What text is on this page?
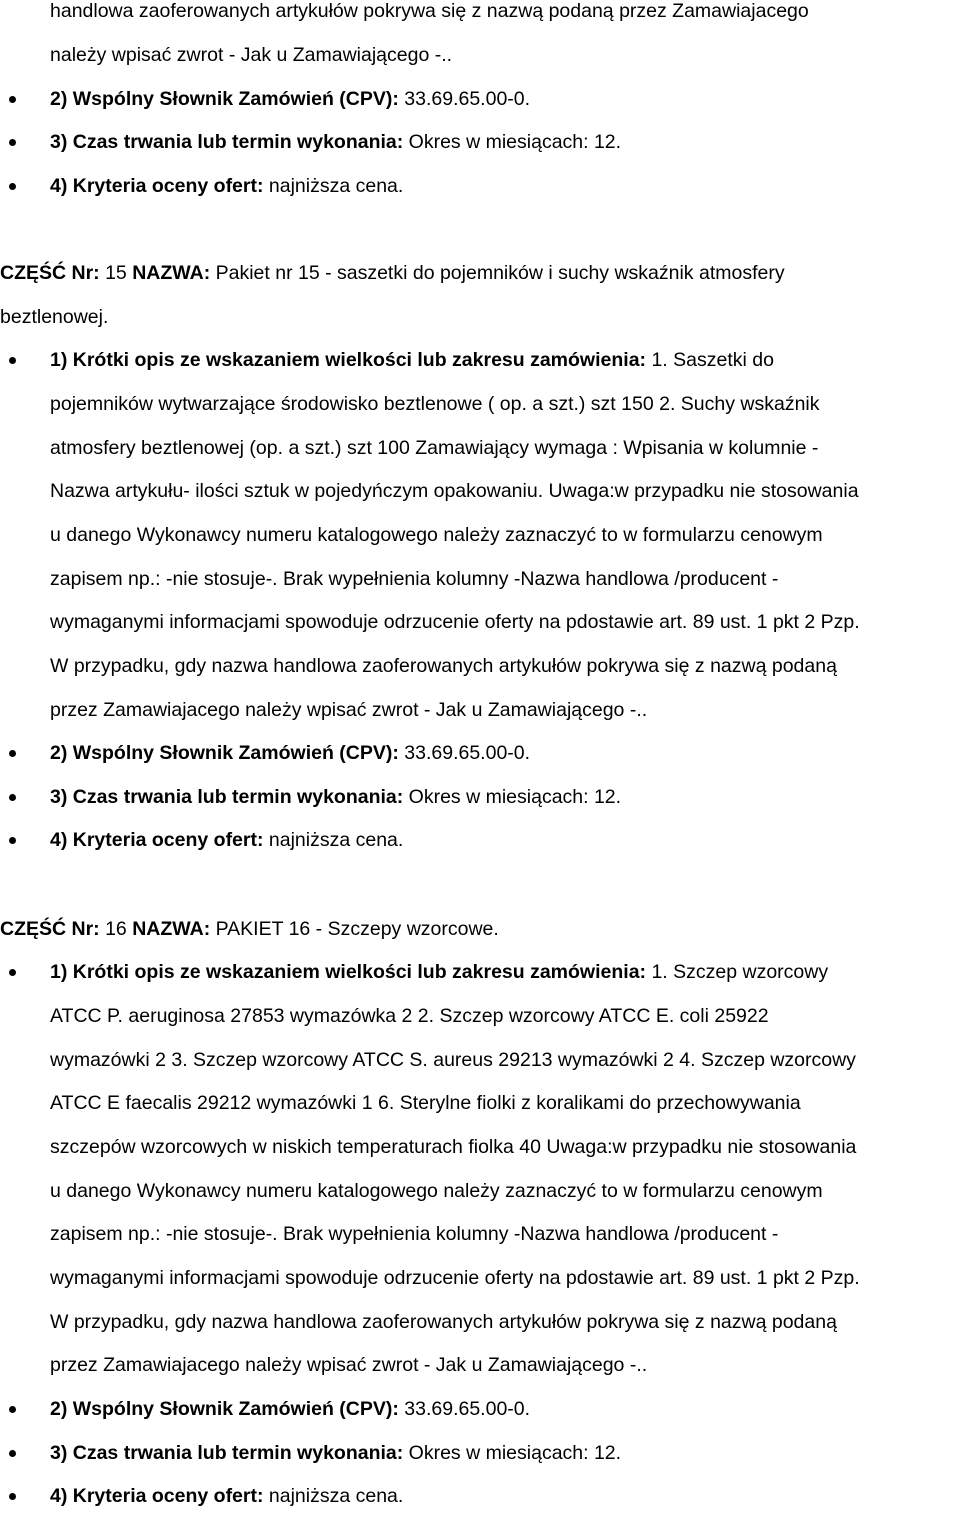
handlowa zaoferowanych artykułów pokrywa się z nazwą podaną przez Zamawiajacego
należy wpisać zwrot - Jak u Zamawiającego -..
2) Wspólny Słownik Zamówień (CPV): 33.69.65.00-0.
3) Czas trwania lub termin wykonania: Okres w miesiącach: 12.
4) Kryteria oceny ofert: najniższa cena.
CZĘŚĆ Nr: 15 NAZWA: Pakiet nr 15 - saszetki do pojemników i suchy wskaźnik atmosfery
beztlenowej.
1) Krótki opis ze wskazaniem wielkości lub zakresu zamówienia: 1. Saszetki do
pojemników wytwarzające środowisko beztlenowe ( op. a szt.) szt 150 2. Suchy wskaźnik
atmosfery beztlenowej (op. a szt.) szt 100 Zamawiający wymaga : Wpisania w kolumnie -
Nazwa artykułu- ilości sztuk w pojedyńczym opakowaniu. Uwaga:w przypadku nie stosowania
u danego Wykonawcy numeru katalogowego należy zaznaczyć to w formularzu cenowym
zapisem np.: -nie stosuje-. Brak wypełnienia kolumny -Nazwa handlowa /producent -
wymaganymi informacjami spowoduje odrzucenie oferty na pdostawie art. 89 ust. 1 pkt 2 Pzp.
W przypadku, gdy nazwa handlowa zaoferowanych artykułów pokrywa się z nazwą podaną
przez Zamawiajacego należy wpisać zwrot - Jak u Zamawiającego -..
2) Wspólny Słownik Zamówień (CPV): 33.69.65.00-0.
3) Czas trwania lub termin wykonania: Okres w miesiącach: 12.
4) Kryteria oceny ofert: najniższa cena.
CZĘŚĆ Nr: 16 NAZWA: PAKIET 16 - Szczepy wzorcowe.
1) Krótki opis ze wskazaniem wielkości lub zakresu zamówienia: 1. Szczep wzorcowy
ATCC P. aeruginosa 27853 wymazówka 2 2. Szczep wzorcowy ATCC E. coli 25922
wymazówki 2 3. Szczep wzorcowy ATCC S. aureus 29213 wymazówki 2 4. Szczep wzorcowy
ATCC E faecalis 29212 wymazówki 1 6. Sterylne fiolki z koralikami do przechowywania
szczepów wzorcowych w niskich temperaturach fiolka 40 Uwaga:w przypadku nie stosowania
u danego Wykonawcy numeru katalogowego należy zaznaczyć to w formularzu cenowym
zapisem np.: -nie stosuje-. Brak wypełnienia kolumny -Nazwa handlowa /producent -
wymaganymi informacjami spowoduje odrzucenie oferty na pdostawie art. 89 ust. 1 pkt 2 Pzp.
W przypadku, gdy nazwa handlowa zaoferowanych artykułów pokrywa się z nazwą podaną
przez Zamawiajacego należy wpisać zwrot - Jak u Zamawiającego -..
2) Wspólny Słownik Zamówień (CPV): 33.69.65.00-0.
3) Czas trwania lub termin wykonania: Okres w miesiącach: 12.
4) Kryteria oceny ofert: najniższa cena.
